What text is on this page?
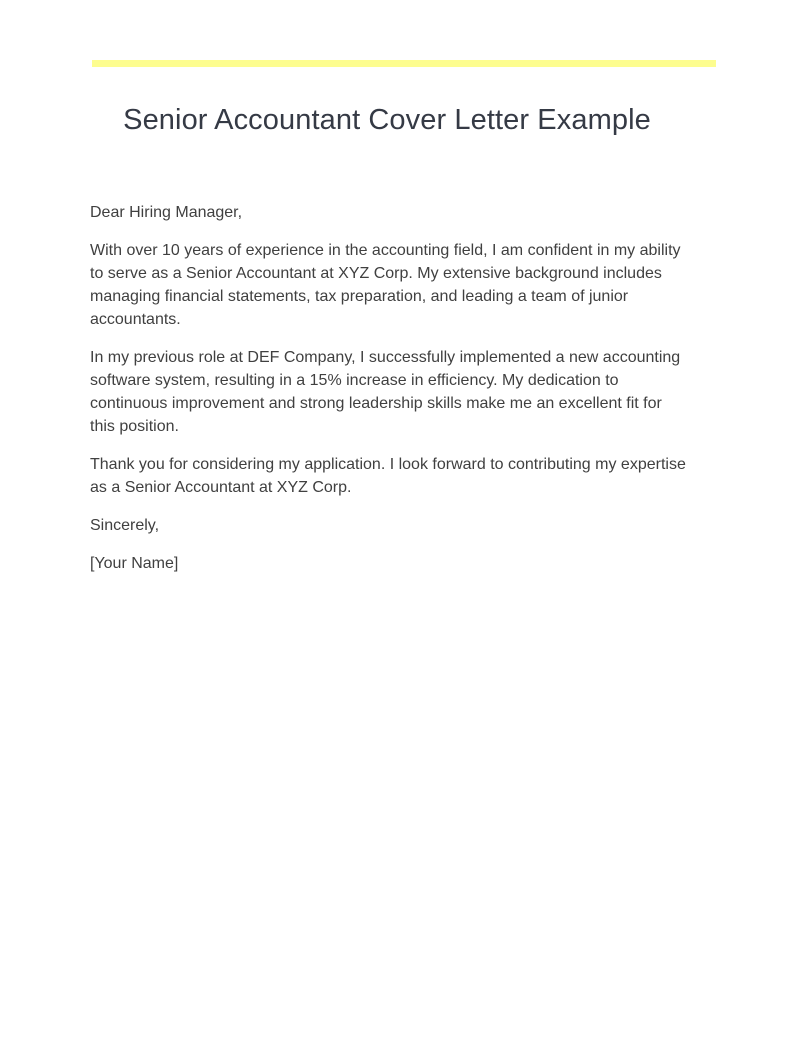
Senior Accountant Cover Letter Example

Dear Hiring Manager,

With over 10 years of experience in the accounting field, I am confident in my ability to serve as a Senior Accountant at XYZ Corp. My extensive background includes managing financial statements, tax preparation, and leading a team of junior accountants.

In my previous role at DEF Company, I successfully implemented a new accounting software system, resulting in a 15% increase in efficiency. My dedication to continuous improvement and strong leadership skills make me an excellent fit for this position.

Thank you for considering my application. I look forward to contributing my expertise as a Senior Accountant at XYZ Corp.

Sincerely,

[Your Name]
